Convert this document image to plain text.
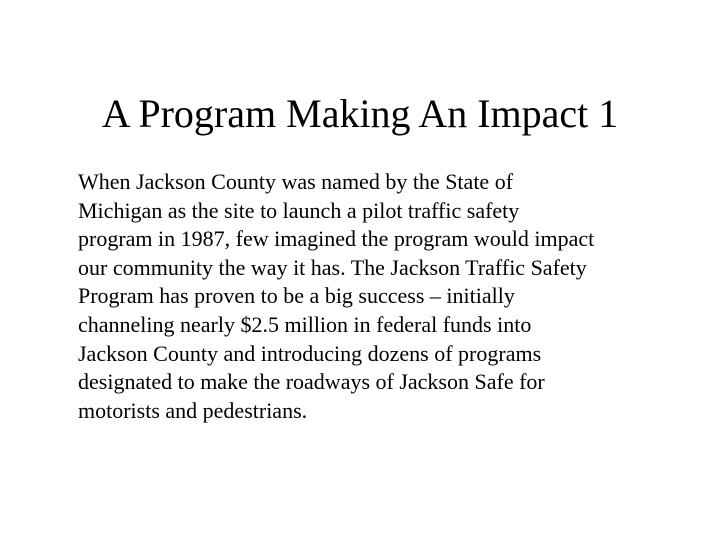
A Program Making An Impact 1
When Jackson County was named by the State of
Michigan as the site to launch a pilot traffic safety
program in 1987, few imagined the program would impact
our community the way it has. The Jackson Traffic Safety
Program has proven to be a big success – initially
channeling nearly $2.5 million in federal funds into
Jackson County and introducing dozens of programs
designated to make the roadways of Jackson Safe for
motorists and pedestrians.
